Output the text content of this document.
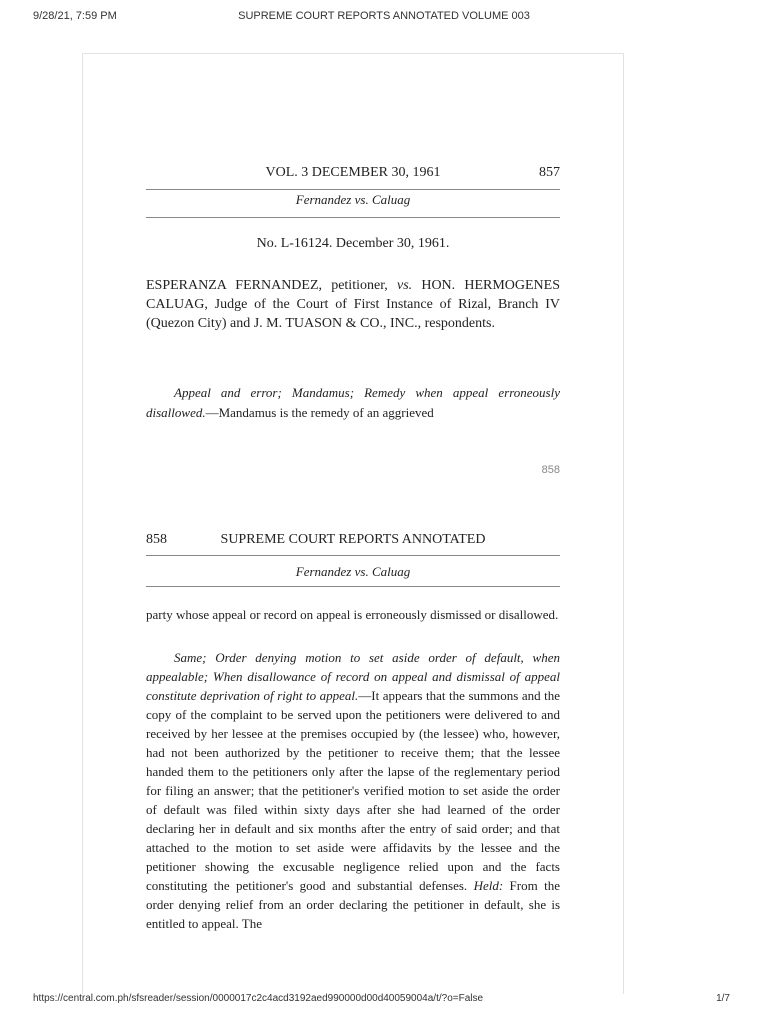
9/28/21, 7:59 PM	SUPREME COURT REPORTS ANNOTATED VOLUME 003
VOL. 3 DECEMBER 30, 1961	857
Fernandez vs. Caluag
No. L-16124. December 30, 1961.
ESPERANZA FERNANDEZ, petitioner, vs. HON. HERMOGENES CALUAG, Judge of the Court of First Instance of Rizal, Branch IV (Quezon City) and J. M. TUASON & CO., INC., respondents.
Appeal and error; Mandamus; Remedy when appeal erroneously disallowed.—Mandamus is the remedy of an aggrieved
858
858	SUPREME COURT REPORTS ANNOTATED
Fernandez vs. Caluag
party whose appeal or record on appeal is erroneously dismissed or disallowed.
Same; Order denying motion to set aside order of default, when appealable; When disallowance of record on appeal and dismissal of appeal constitute deprivation of right to appeal.—It appears that the summons and the copy of the complaint to be served upon the petitioners were delivered to and received by her lessee at the premises occupied by (the lessee) who, however, had not been authorized by the petitioner to receive them; that the lessee handed them to the petitioners only after the lapse of the reglementary period for filing an answer; that the petitioner's verified motion to set aside the order of default was filed within sixty days after she had learned of the order declaring her in default and six months after the entry of said order; and that attached to the motion to set aside were affidavits by the lessee and the petitioner showing the excusable negligence relied upon and the facts constituting the petitioner's good and substantial defenses. Held: From the order denying relief from an order declaring the petitioner in default, she is entitled to appeal. The
https://central.com.ph/sfsreader/session/0000017c2c4acd3192aed990000d00d40059004a/t/?o=False	1/7
